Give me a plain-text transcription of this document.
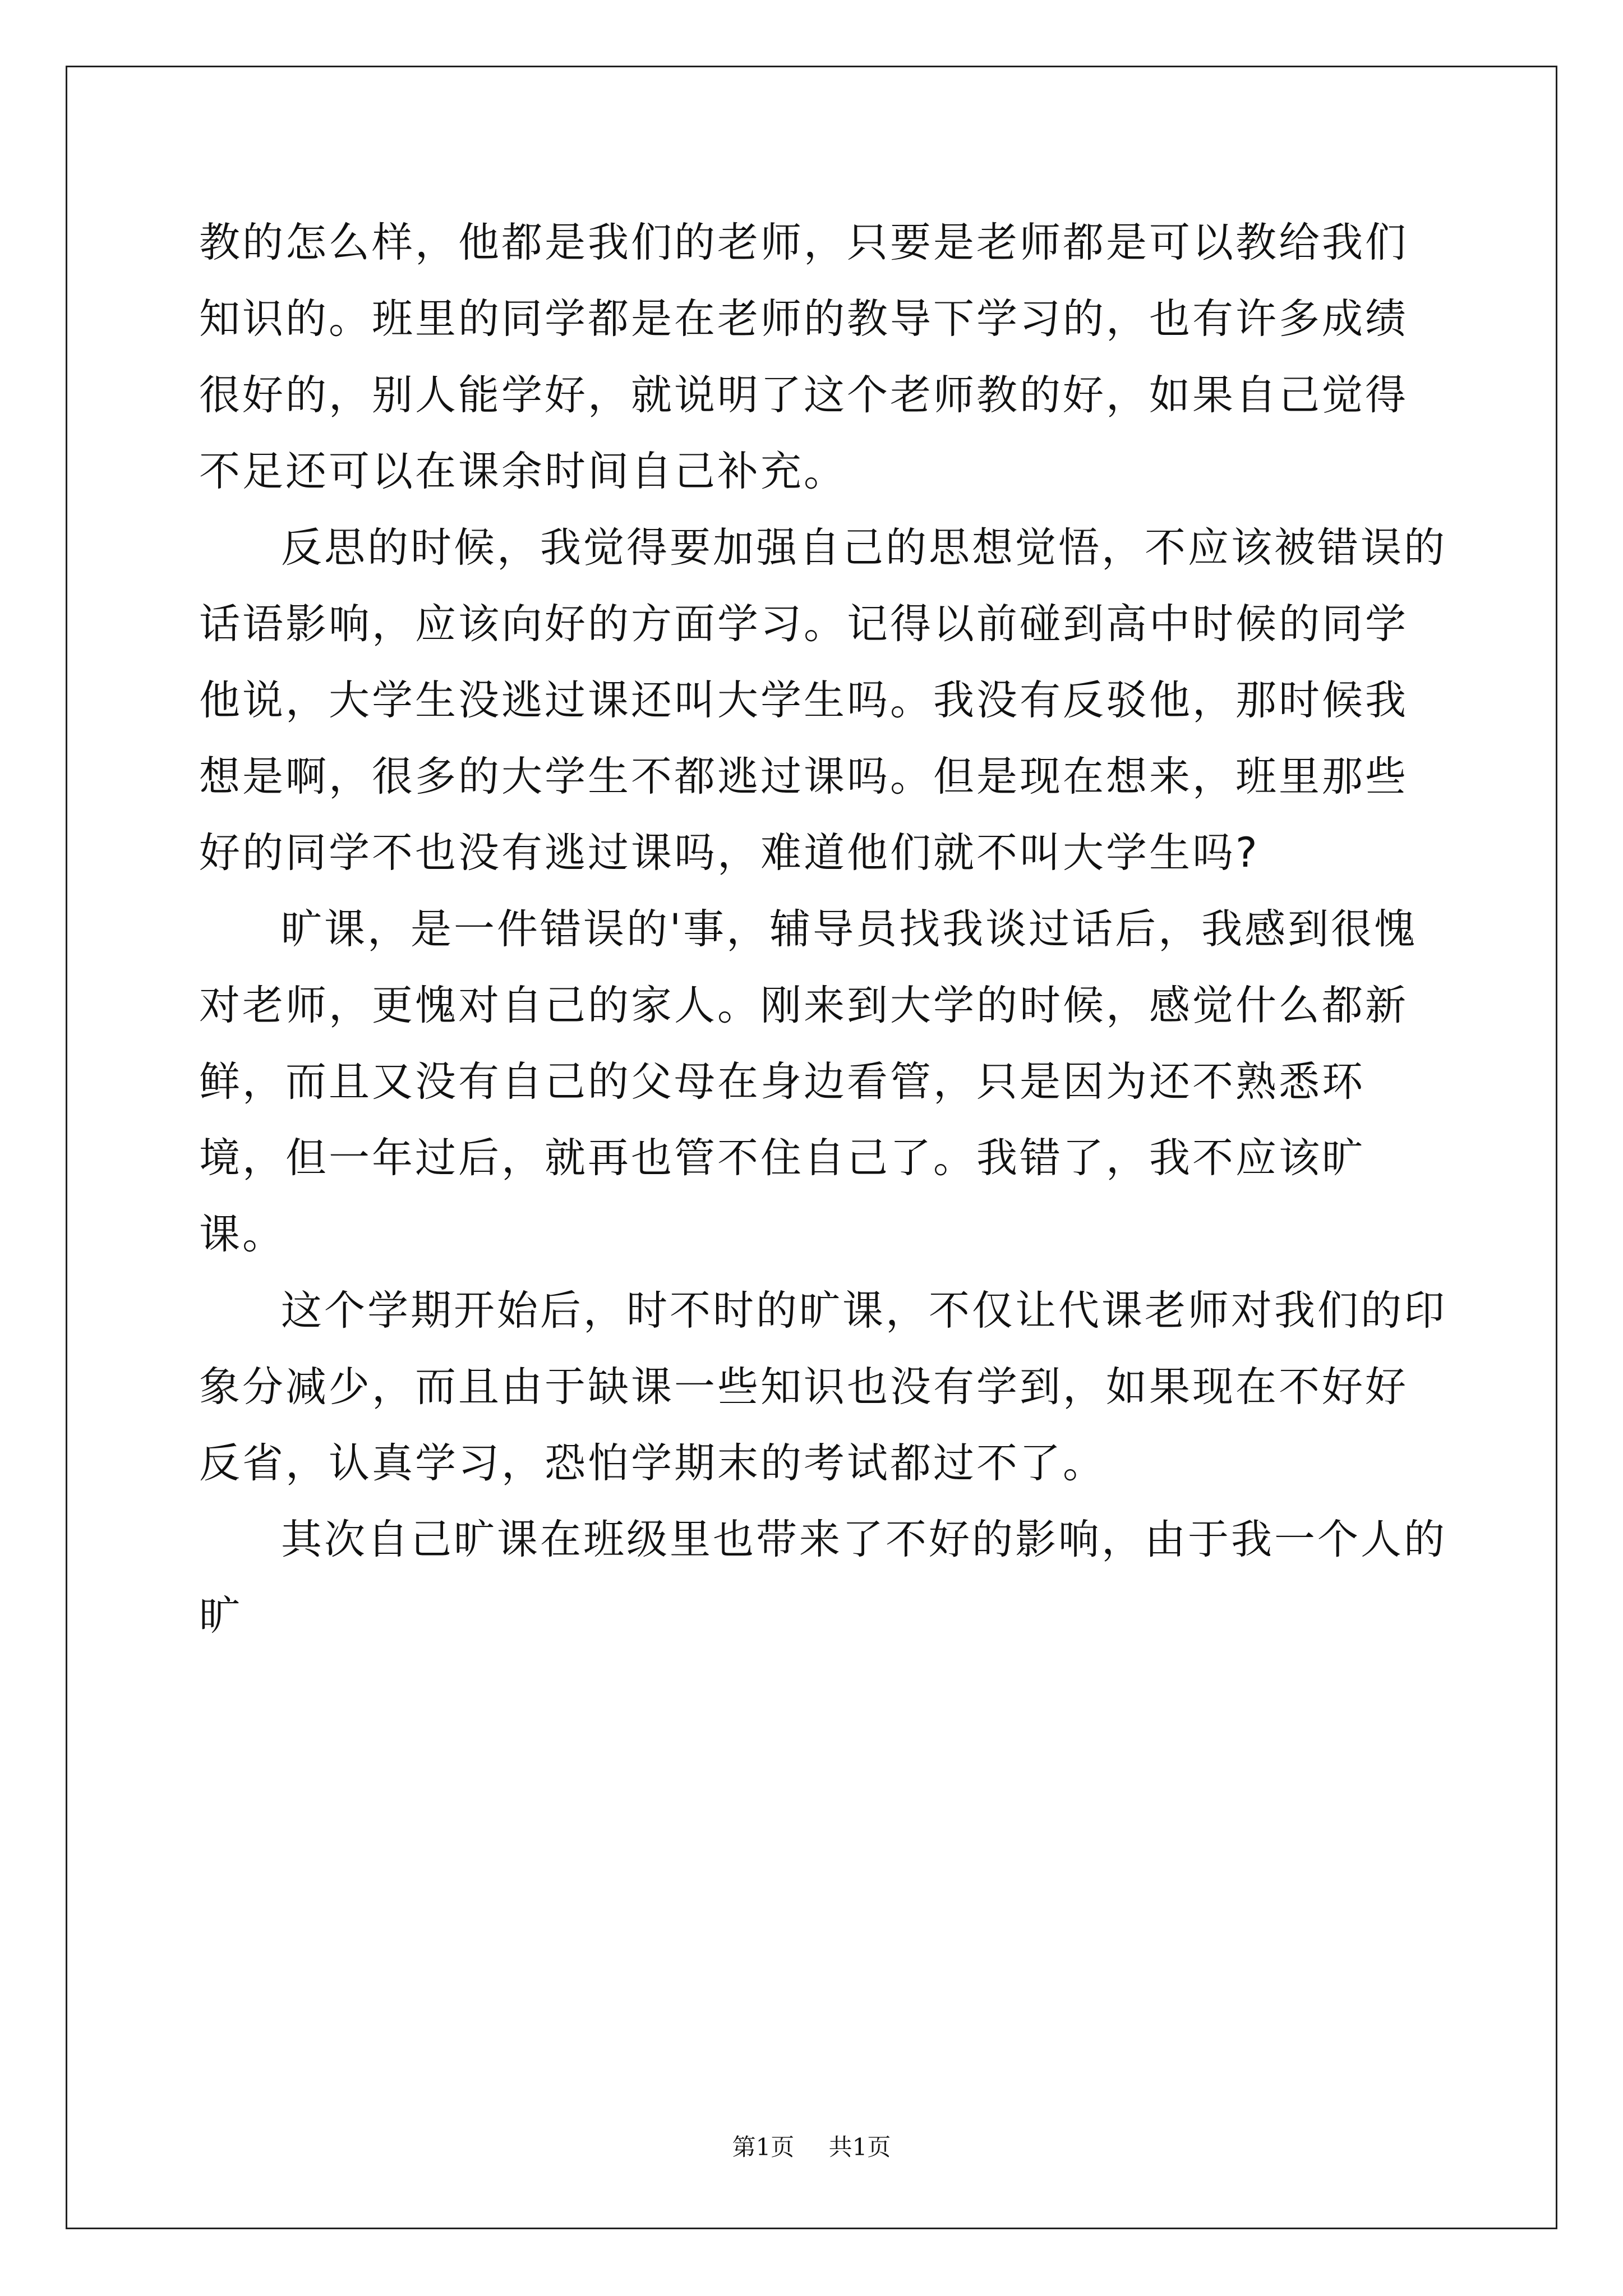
教的怎么样，他都是我们的老师，只要是老师都是可以教给我们知识的。班里的同学都是在老师的教导下学习的，也有许多成绩很好的，别人能学好，就说明了这个老师教的好，如果自己觉得不足还可以在课余时间自己补充。

反思的时候，我觉得要加强自己的思想觉悟，不应该被错误的话语影响，应该向好的方面学习。记得以前碰到高中时候的同学他说，大学生没逃过课还叫大学生吗。我没有反驳他，那时候我想是啊，很多的大学生不都逃过课吗。但是现在想来，班里那些好的同学不也没有逃过课吗，难道他们就不叫大学生吗?

旷课，是一件错误的'事，辅导员找我谈过话后，我感到很愧对老师，更愧对自己的家人。刚来到大学的时候，感觉什么都新鲜，而且又没有自己的父母在身边看管，只是因为还不熟悉环境，但一年过后，就再也管不住自己了。我错了，我不应该旷课。

这个学期开始后，时不时的旷课，不仅让代课老师对我们的印象分减少，而且由于缺课一些知识也没有学到，如果现在不好好反省，认真学习，恐怕学期末的考试都过不了。

其次自己旷课在班级里也带来了不好的影响，由于我一个人的旷

第1页 共1页
